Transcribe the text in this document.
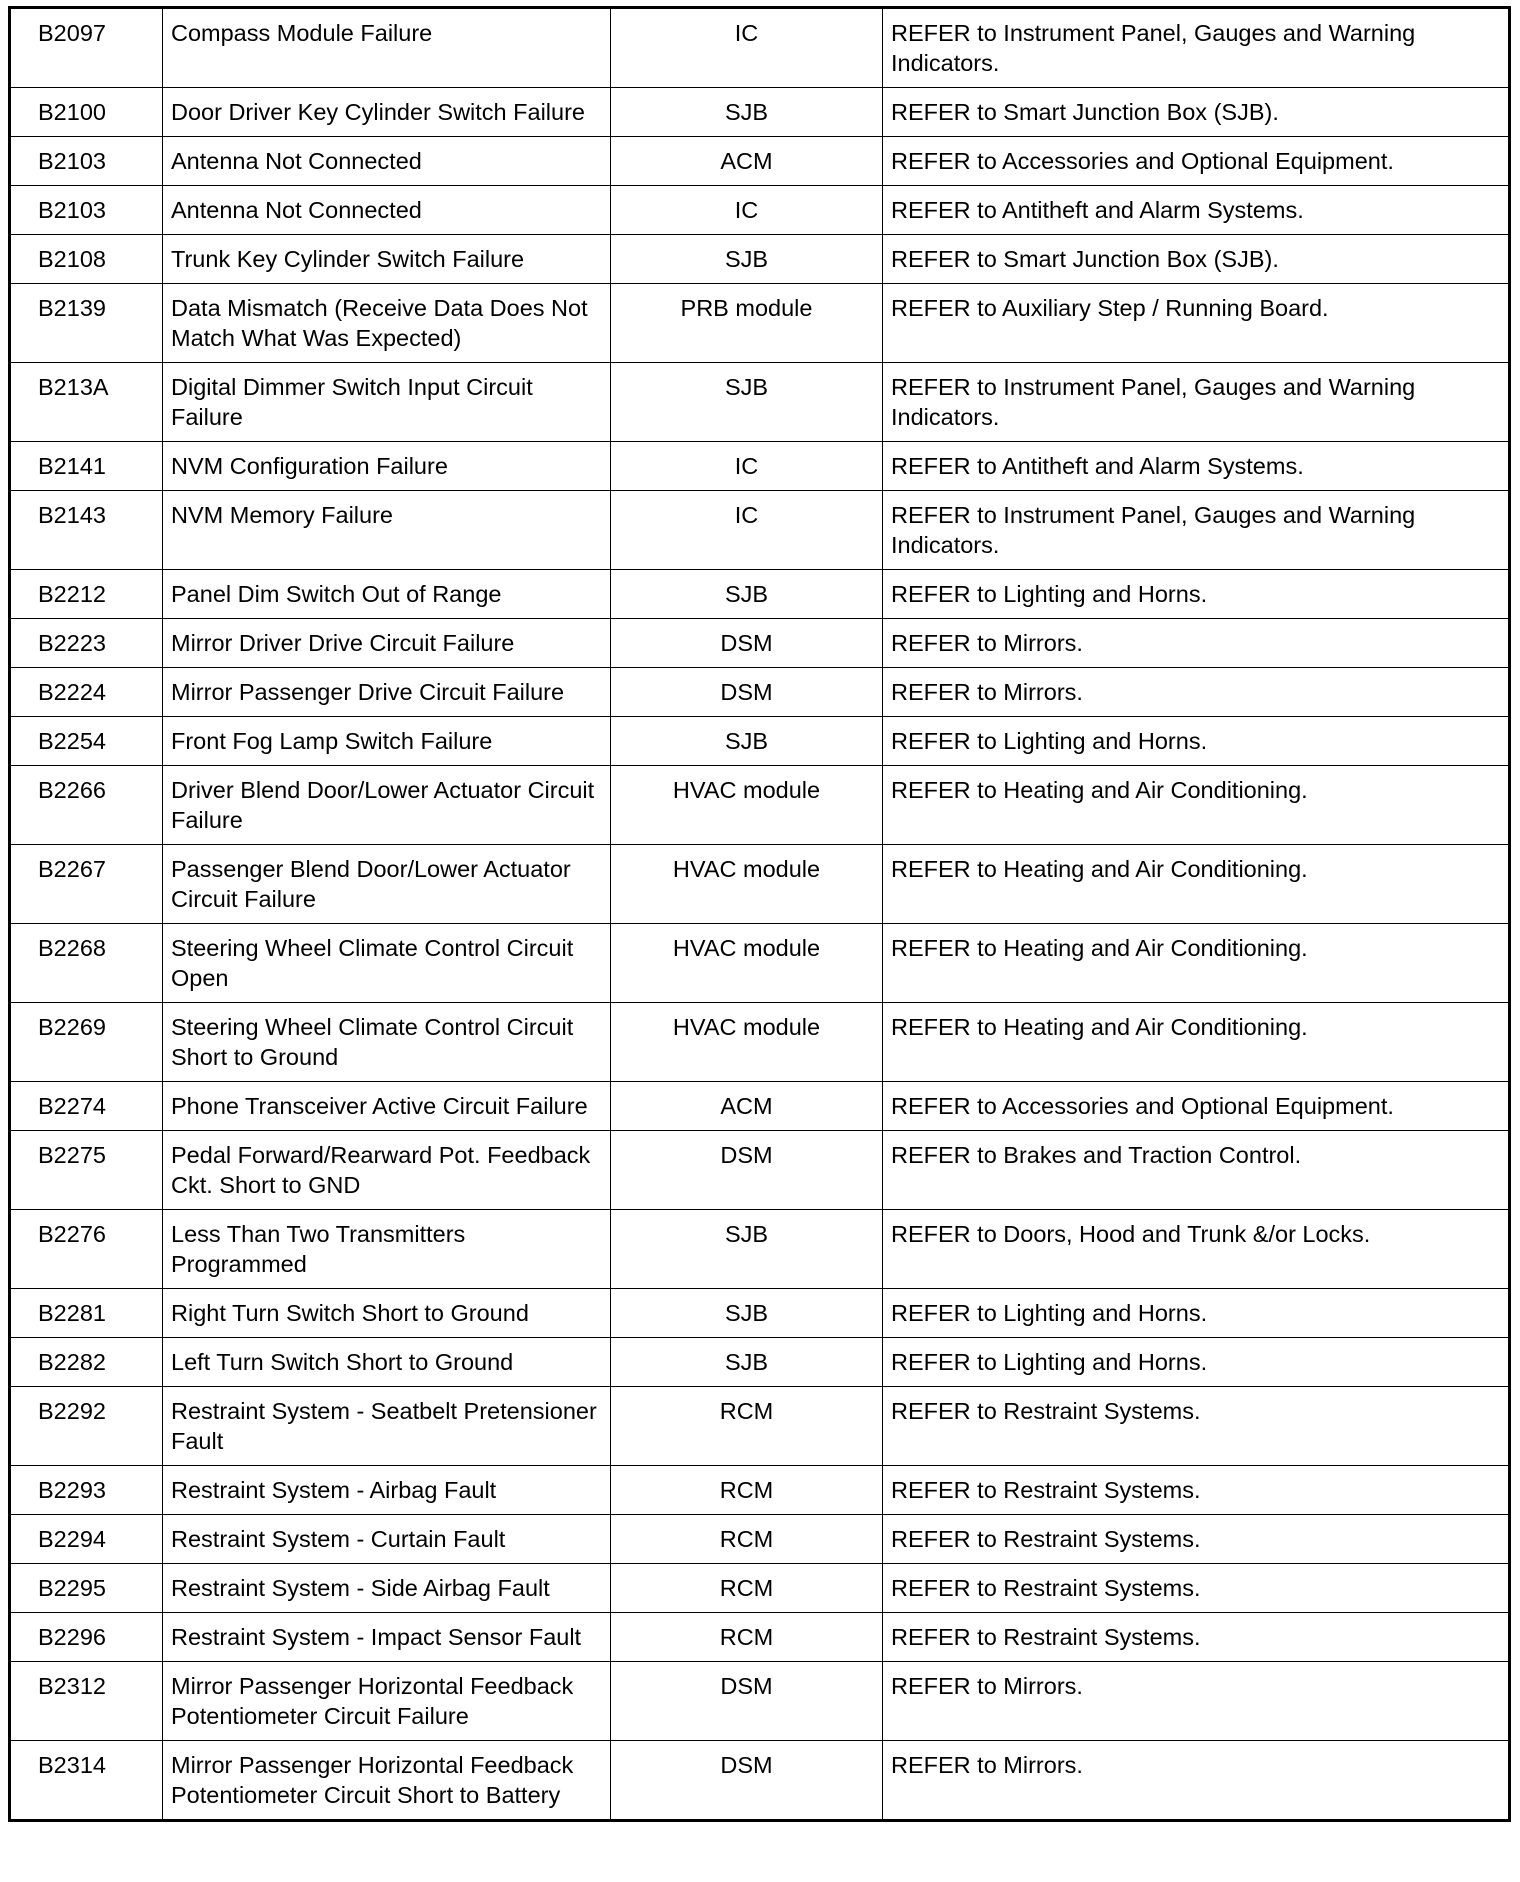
B2097	Compass Module Failure	IC	REFER to Instrument Panel, Gauges and Warning Indicators.
B2100	Door Driver Key Cylinder Switch Failure	SJB	REFER to Smart Junction Box (SJB).
B2103	Antenna Not Connected	ACM	REFER to Accessories and Optional Equipment.
B2103	Antenna Not Connected	IC	REFER to Antitheft and Alarm Systems.
B2108	Trunk Key Cylinder Switch Failure	SJB	REFER to Smart Junction Box (SJB).
B2139	Data Mismatch (Receive Data Does Not Match What Was Expected)	PRB module	REFER to Auxiliary Step / Running Board.
B213A	Digital Dimmer Switch Input Circuit Failure	SJB	REFER to Instrument Panel, Gauges and Warning Indicators.
B2141	NVM Configuration Failure	IC	REFER to Antitheft and Alarm Systems.
B2143	NVM Memory Failure	IC	REFER to Instrument Panel, Gauges and Warning Indicators.
B2212	Panel Dim Switch Out of Range	SJB	REFER to Lighting and Horns.
B2223	Mirror Driver Drive Circuit Failure	DSM	REFER to Mirrors.
B2224	Mirror Passenger Drive Circuit Failure	DSM	REFER to Mirrors.
B2254	Front Fog Lamp Switch Failure	SJB	REFER to Lighting and Horns.
B2266	Driver Blend Door/Lower Actuator Circuit Failure	HVAC module	REFER to Heating and Air Conditioning.
B2267	Passenger Blend Door/Lower Actuator Circuit Failure	HVAC module	REFER to Heating and Air Conditioning.
B2268	Steering Wheel Climate Control Circuit Open	HVAC module	REFER to Heating and Air Conditioning.
B2269	Steering Wheel Climate Control Circuit Short to Ground	HVAC module	REFER to Heating and Air Conditioning.
B2274	Phone Transceiver Active Circuit Failure	ACM	REFER to Accessories and Optional Equipment.
B2275	Pedal Forward/Rearward Pot. Feedback Ckt. Short to GND	DSM	REFER to Brakes and Traction Control.
B2276	Less Than Two Transmitters Programmed	SJB	REFER to Doors, Hood and Trunk &/or Locks.
B2281	Right Turn Switch Short to Ground	SJB	REFER to Lighting and Horns.
B2282	Left Turn Switch Short to Ground	SJB	REFER to Lighting and Horns.
B2292	Restraint System - Seatbelt Pretensioner Fault	RCM	REFER to Restraint Systems.
B2293	Restraint System - Airbag Fault	RCM	REFER to Restraint Systems.
B2294	Restraint System - Curtain Fault	RCM	REFER to Restraint Systems.
B2295	Restraint System - Side Airbag Fault	RCM	REFER to Restraint Systems.
B2296	Restraint System - Impact Sensor Fault	RCM	REFER to Restraint Systems.
B2312	Mirror Passenger Horizontal Feedback Potentiometer Circuit Failure	DSM	REFER to Mirrors.
B2314	Mirror Passenger Horizontal Feedback Potentiometer Circuit Short to Battery	DSM	REFER to Mirrors.
